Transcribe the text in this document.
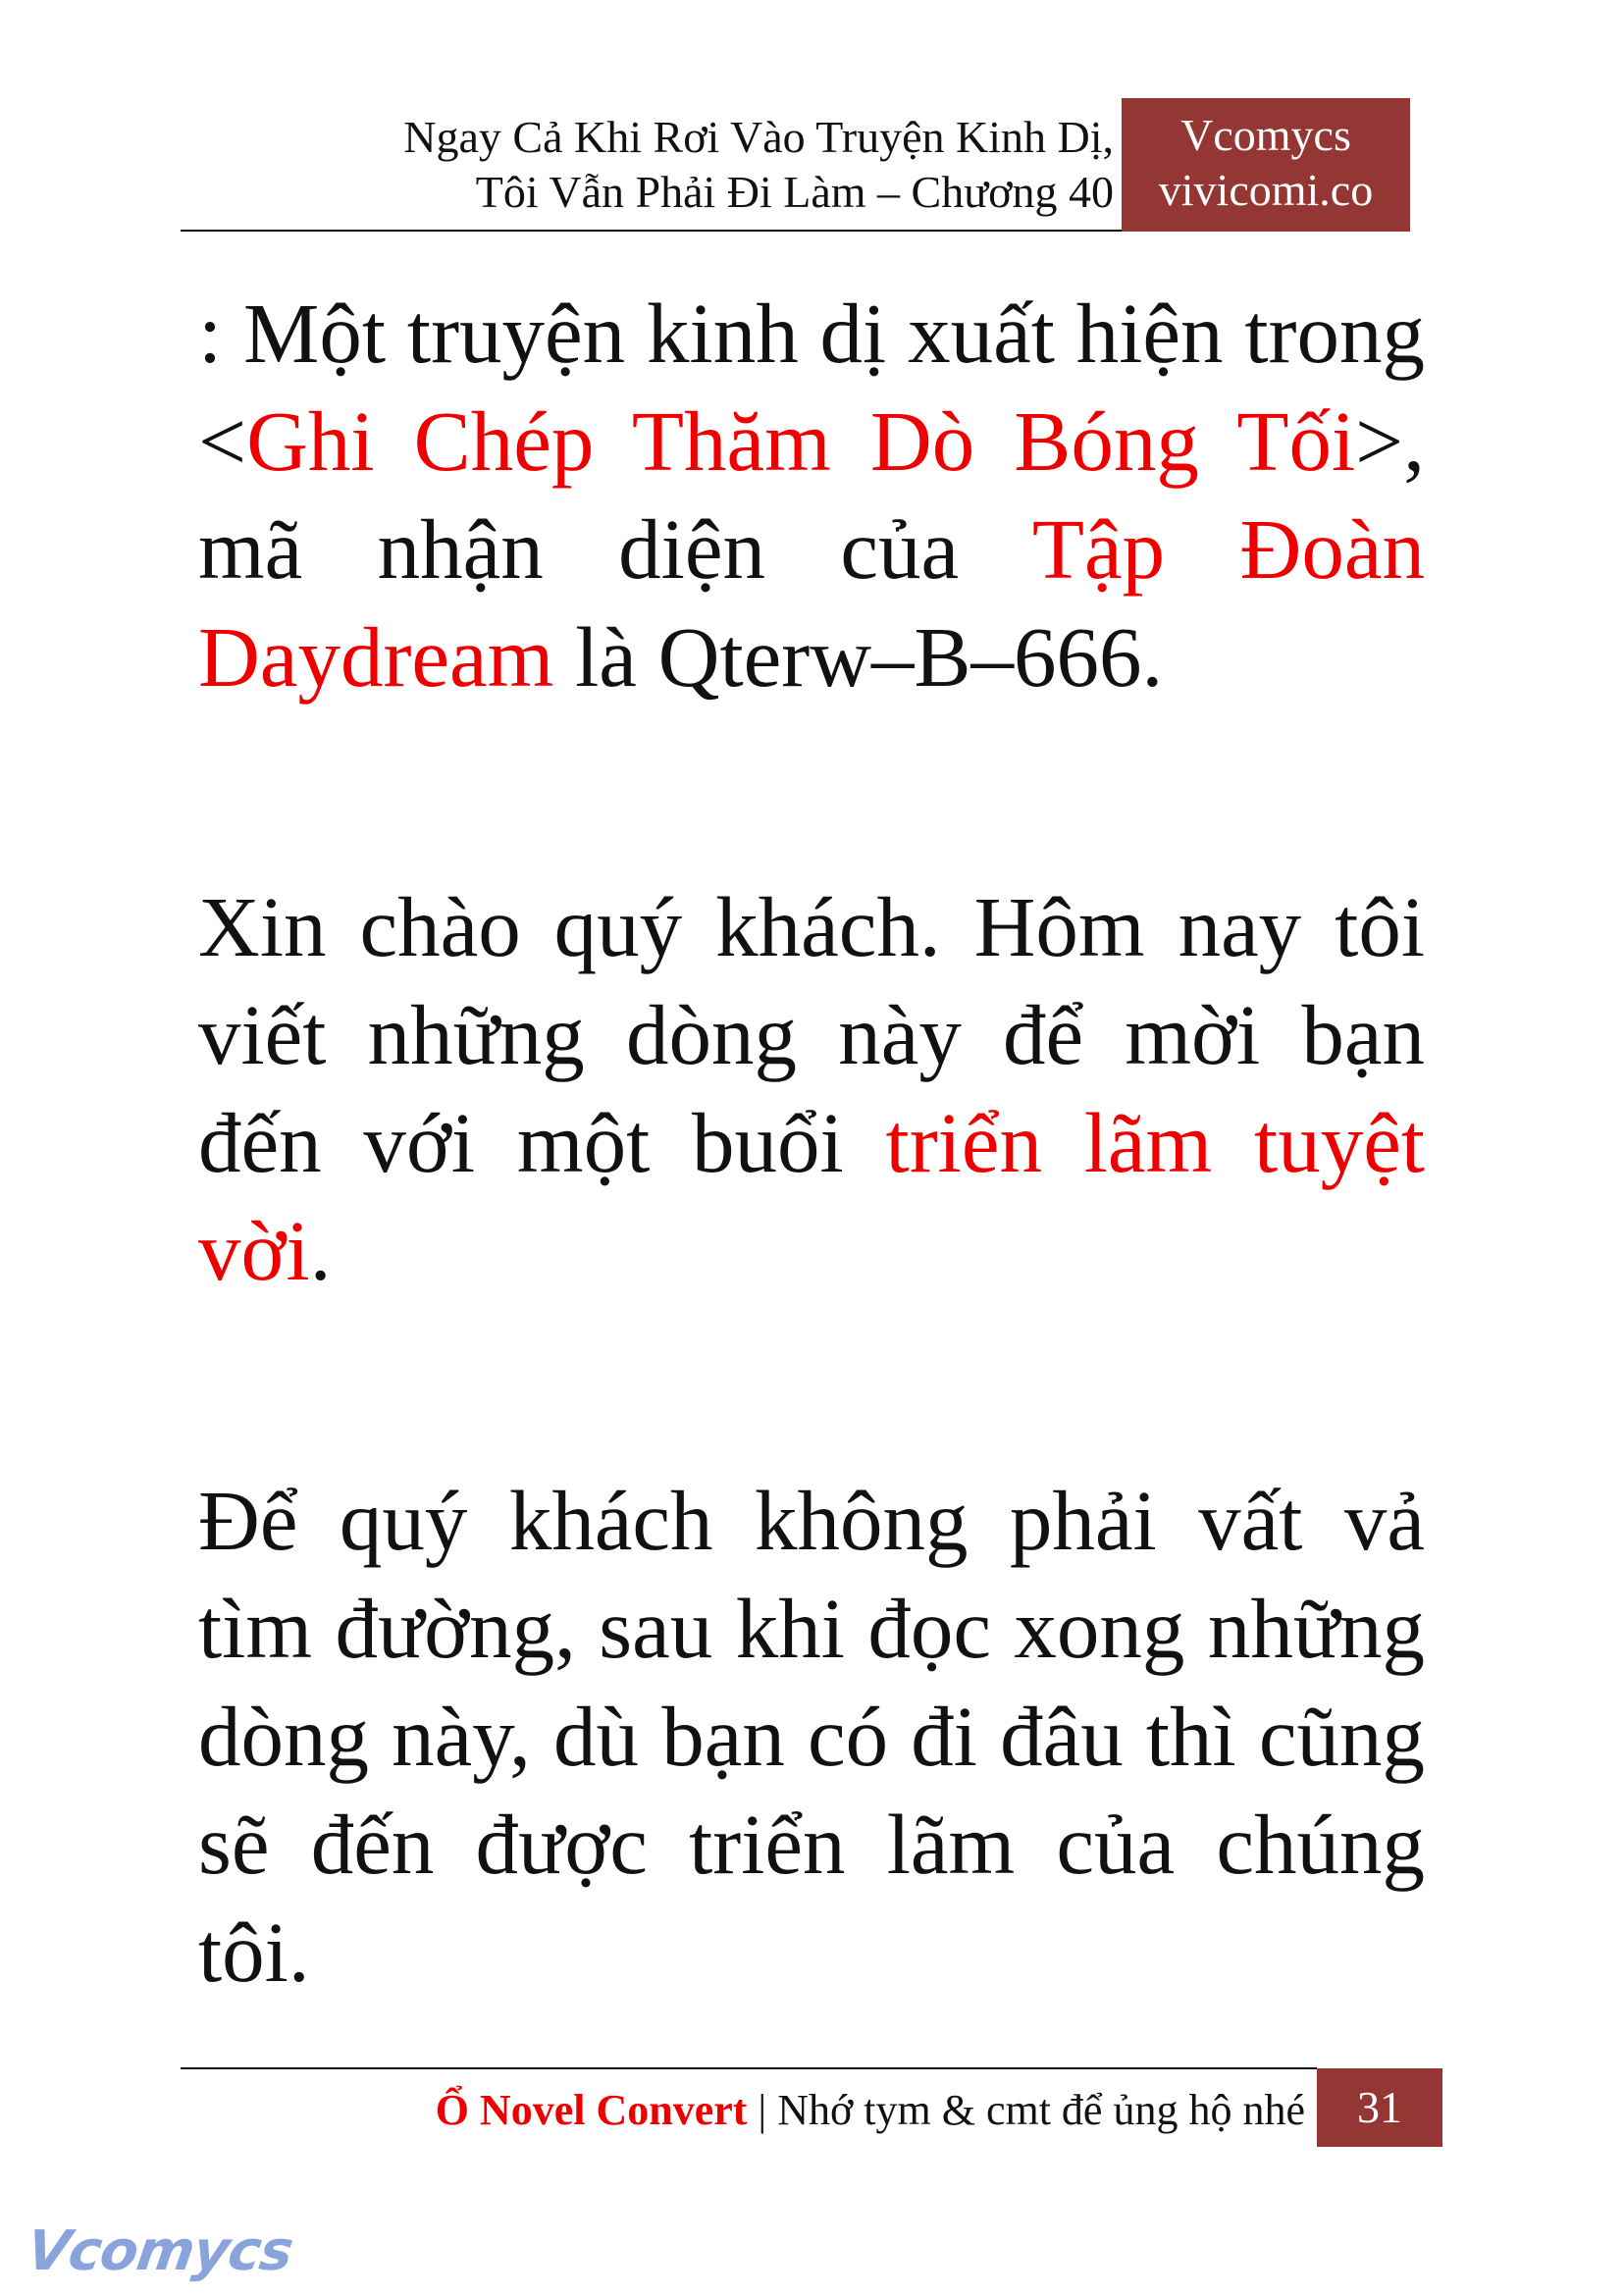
Ngay Cả Khi Rơi Vào Truyện Kinh Dị,
Tôi Vẫn Phải Đi Làm – Chương 40
Vcomycs
vivicomi.co

: Một truyện kinh dị xuất hiện trong <Ghi Chép Thăm Dò Bóng Tối>, mã nhận diện của Tập Đoàn Daydream là Qterw–B–666.

Xin chào quý khách. Hôm nay tôi viết những dòng này để mời bạn đến với một buổi triển lãm tuyệt vời.

Để quý khách không phải vất vả tìm đường, sau khi đọc xong những dòng này, dù bạn có đi đâu thì cũng sẽ đến được triển lãm của chúng tôi.

Ổ Novel Convert | Nhớ tym & cmt để ủng hộ nhé	31
Vcomycs
